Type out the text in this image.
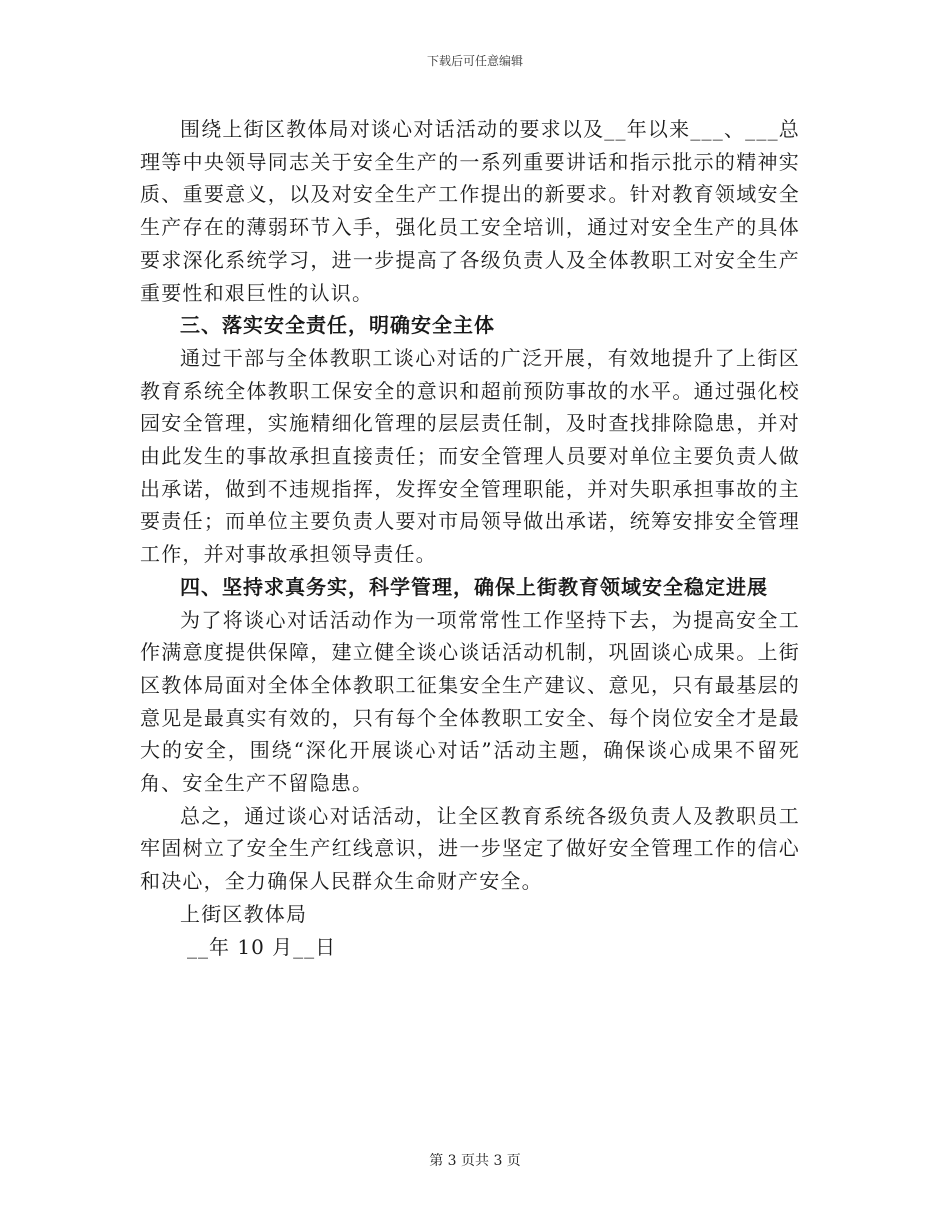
下载后可任意编辑

围绕上街区教体局对谈心对话活动的要求以及__年以来___、___总理等中央领导同志关于安全生产的一系列重要讲话和指示批示的精神实质、重要意义，以及对安全生产工作提出的新要求。针对教育领域安全生产存在的薄弱环节入手，强化员工安全培训，通过对安全生产的具体要求深化系统学习，进一步提高了各级负责人及全体教职工对安全生产重要性和艰巨性的认识。

三、落实安全责任，明确安全主体

通过干部与全体教职工谈心对话的广泛开展，有效地提升了上街区教育系统全体教职工保安全的意识和超前预防事故的水平。通过强化校园安全管理，实施精细化管理的层层责任制，及时查找排除隐患，并对由此发生的事故承担直接责任；而安全管理人员要对单位主要负责人做出承诺，做到不违规指挥，发挥安全管理职能，并对失职承担事故的主要责任；而单位主要负责人要对市局领导做出承诺，统筹安排安全管理工作，并对事故承担领导责任。

四、坚持求真务实，科学管理，确保上街教育领域安全稳定进展

为了将谈心对话活动作为一项常常性工作坚持下去，为提高安全工作满意度提供保障，建立健全谈心谈话活动机制，巩固谈心成果。上街区教体局面对全体全体教职工征集安全生产建议、意见，只有最基层的意见是最真实有效的，只有每个全体教职工安全、每个岗位安全才是最大的安全，围绕“深化开展谈心对话”活动主题，确保谈心成果不留死角、安全生产不留隐患。

总之，通过谈心对话活动，让全区教育系统各级负责人及教职员工牢固树立了安全生产红线意识，进一步坚定了做好安全管理工作的信心和决心，全力确保人民群众生命财产安全。

上街区教体局

__年 10 月__日

第 3 页共 3 页
